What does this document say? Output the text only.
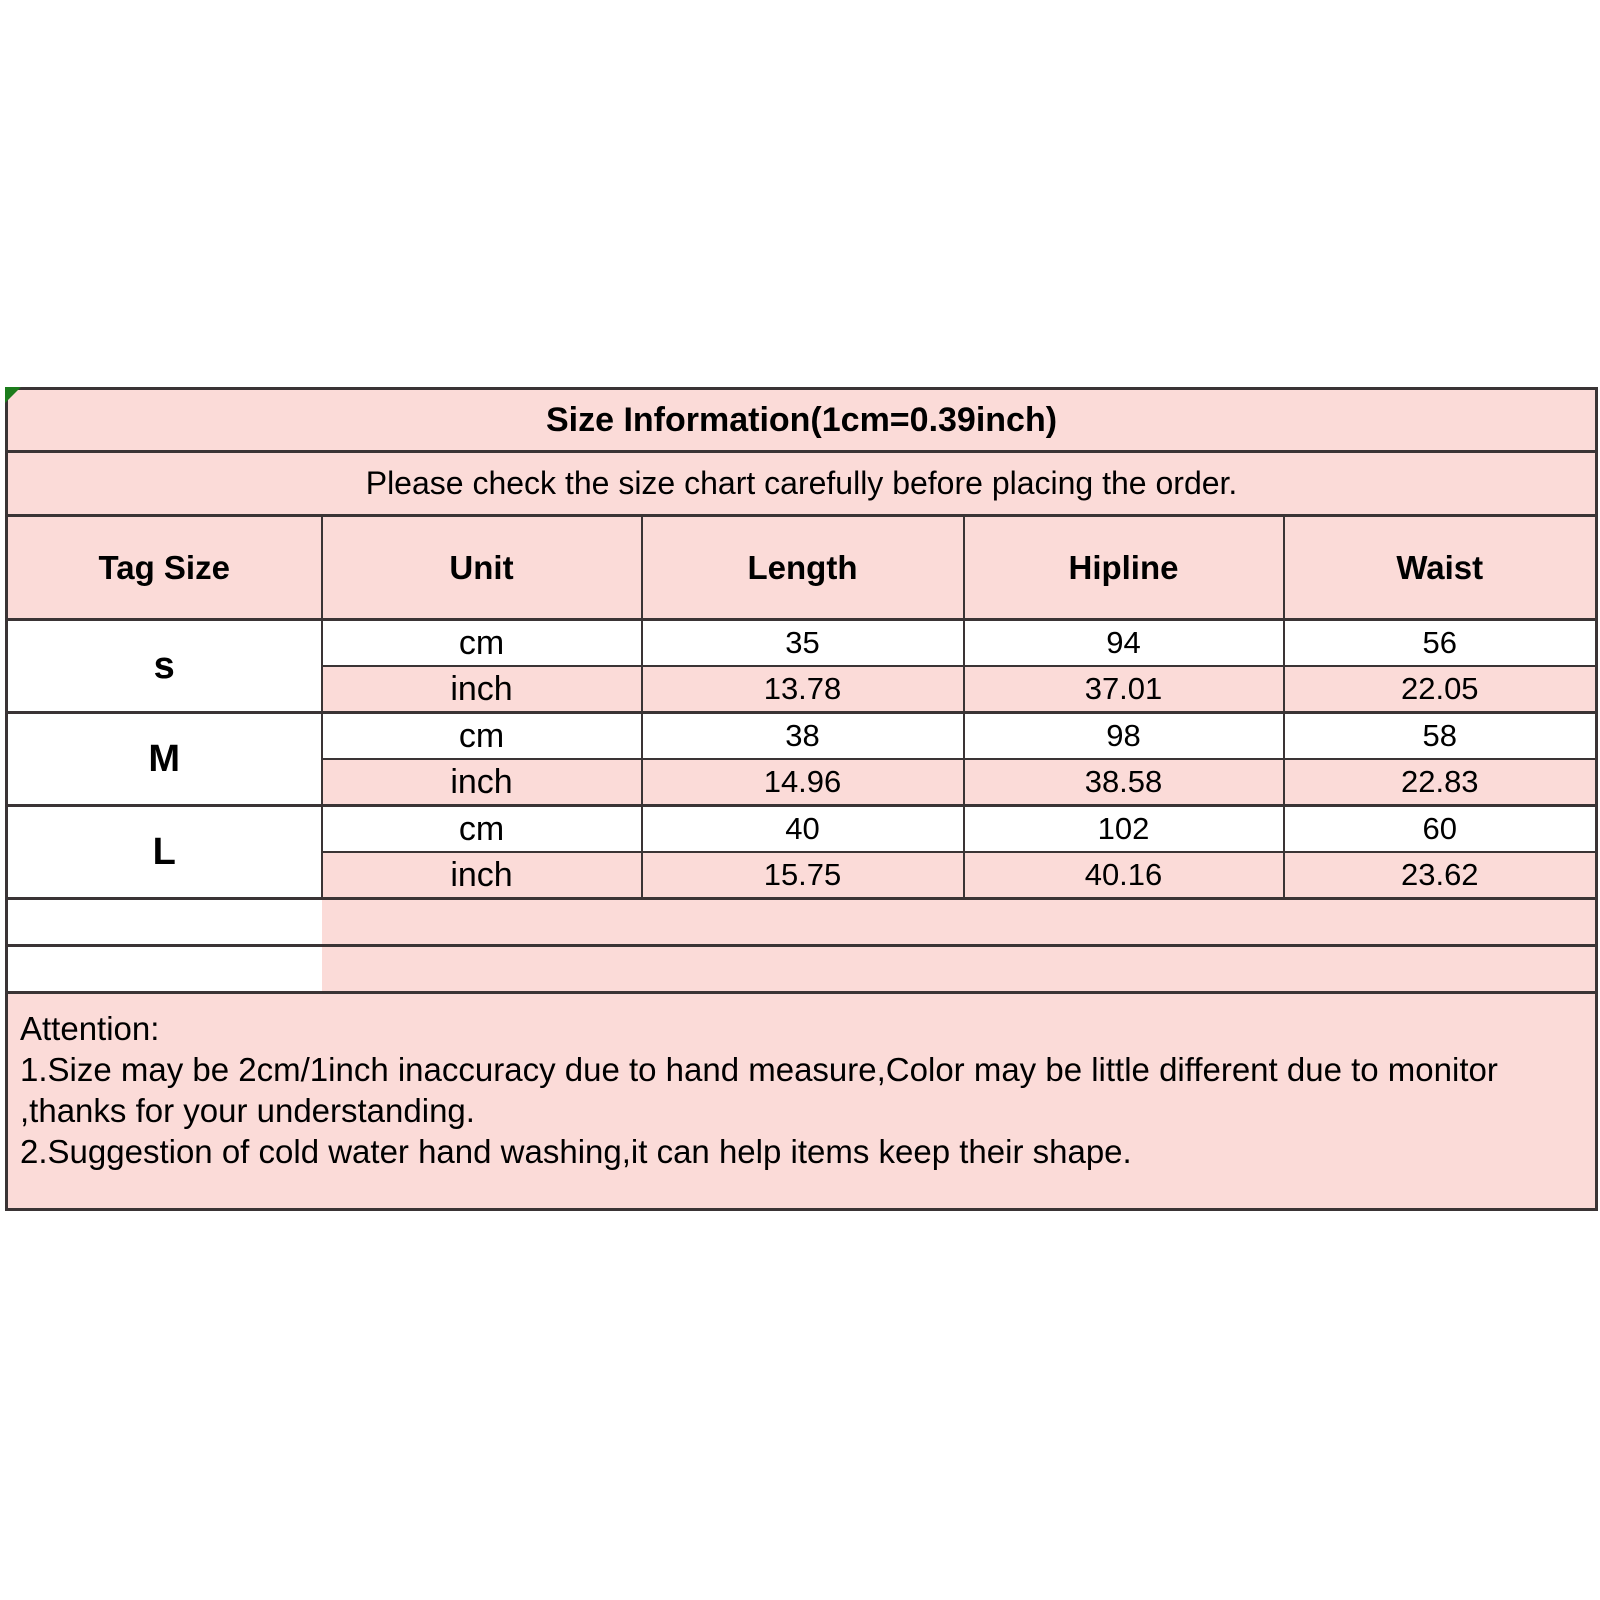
Size Information(1cm=0.39inch)				
Please check the size chart carefully before placing the order.				
Tag Size	Unit	Length	Hipline	Waist
s	cm	35	94	56
	inch	13.78	37.01	22.05
M	cm	38	98	58
	inch	14.96	38.58	22.83
L	cm	40	102	60
	inch	15.75	40.16	23.62

Attention:
1.Size may be 2cm/1inch inaccuracy due to hand measure,Color may be little different due to monitor
,thanks for your understanding.
2.Suggestion of cold water hand washing,it can help items keep their shape.				
